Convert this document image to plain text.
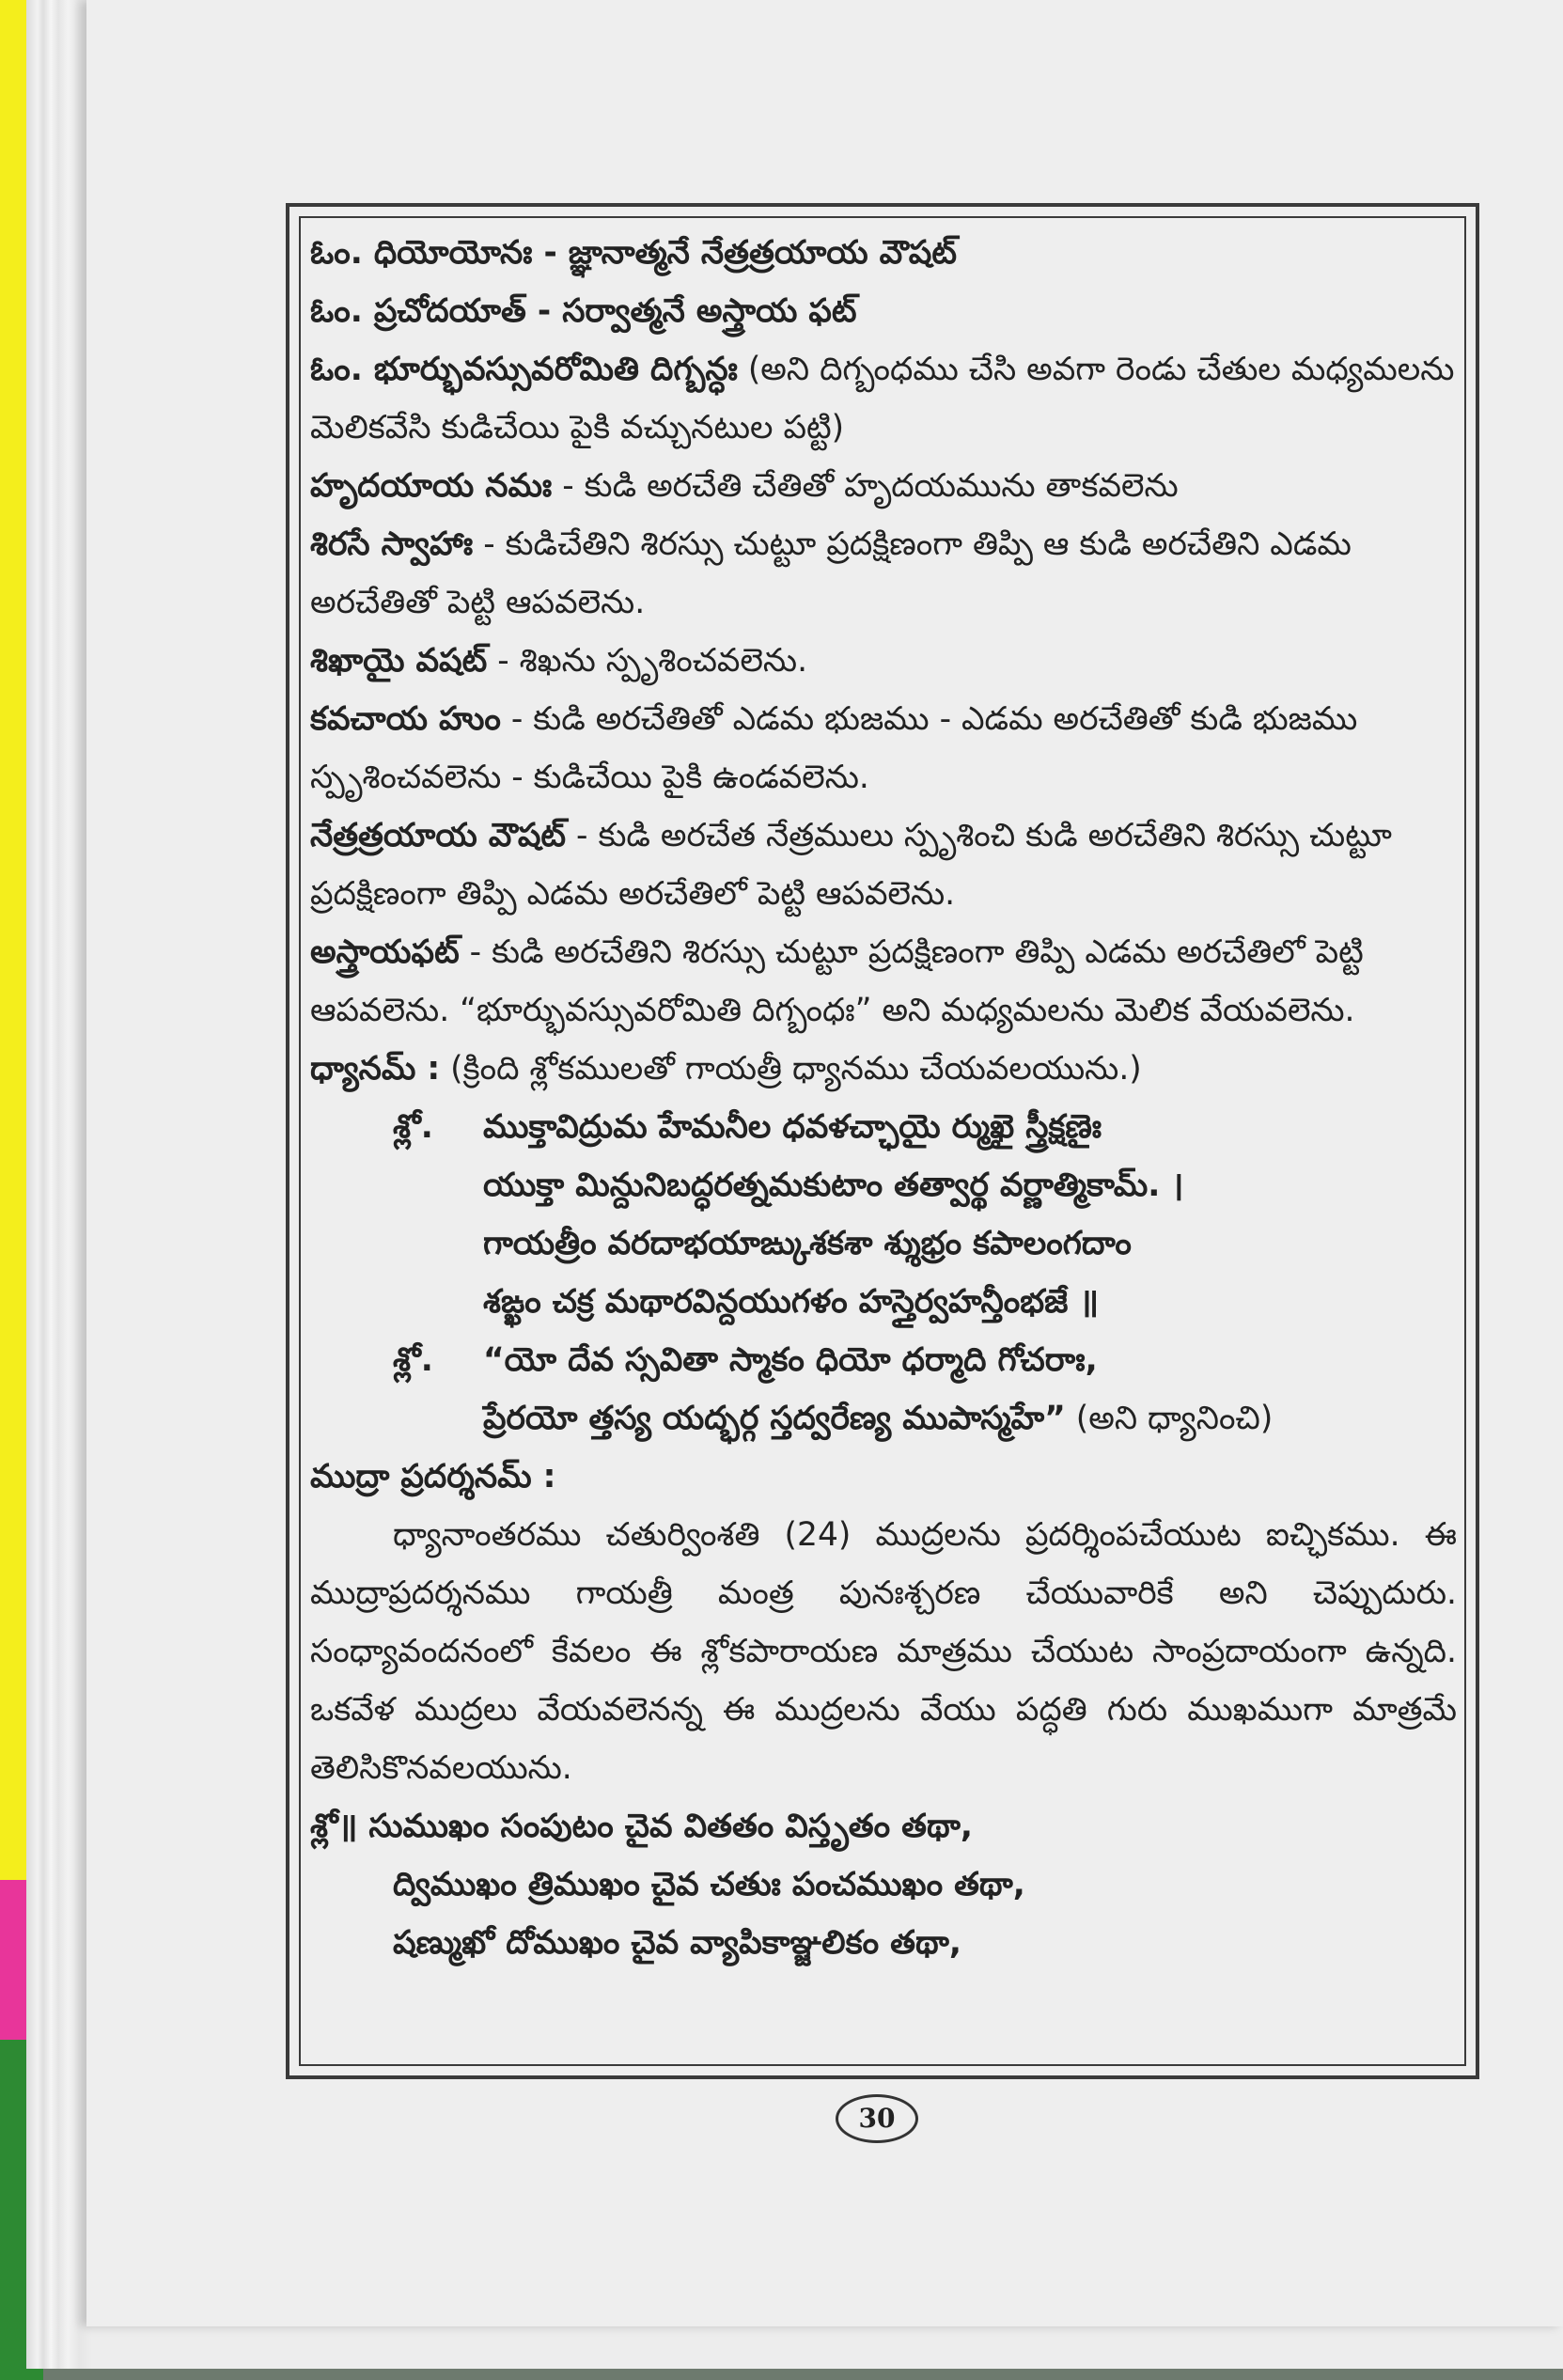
ఓం. ధియోయోనః - జ్ఞానాత్మనే నేత్రత్రయాయ వౌషట్
ఓం. ప్రచోదయాత్ - సర్వాత్మనే అస్త్రాయ ఫట్
ఓం. భూర్భువస్సువరోమితి దిగ్బన్ధః (అని దిగ్బంధము చేసి అవగా రెండు చేతుల మధ్యమలను మెలికవేసి కుడిచేయి పైకి వచ్చునటుల పట్టి)
హృదయాయ నమః - కుడి అరచేతి చేతితో హృదయమును తాకవలెను
శిరసే స్వాహాః - కుడిచేతిని శిరస్సు చుట్టూ ప్రదక్షిణంగా తిప్పి ఆ కుడి అరచేతిని ఎడమ అరచేతితో పెట్టి ఆపవలెను.
శిఖాయై వషట్ - శిఖను స్పృశించవలెను.
కవచాయ హుం - కుడి అరచేతితో ఎడమ భుజము - ఎడమ అరచేతితో కుడి భుజము స్పృశించవలెను - కుడిచేయి పైకి ఉండవలెను.
నేత్రత్రయాయ వౌషట్ - కుడి అరచేత నేత్రములు స్పృశించి కుడి అరచేతిని శిరస్సు చుట్టూ ప్రదక్షిణంగా తిప్పి ఎడమ అరచేతిలో పెట్టి ఆపవలెను.
అస్త్రాయఫట్ - కుడి అరచేతిని శిరస్సు చుట్టూ ప్రదక్షిణంగా తిప్పి ఎడమ అరచేతిలో పెట్టి ఆపవలెను. “భూర్భువస్సువరోమితి దిగ్బంధః” అని మధ్యమలను మెలిక వేయవలెను.
ధ్యానమ్ : (క్రింది శ్లోకములతో గాయత్రీ ధ్యానము చేయవలయును.)
శ్లో. ముక్తావిద్రుమ హేమనీల ధవళచ్ఛాయై ర్ముఖై స్త్రీక్షణైః
యుక్తా మిన్దునిబద్ధరత్నమకుటాం తత్వార్థ వర్ణాత్మికామ్. ।
గాయత్రీం వరదాభయాఙ్కుశకశా శ్శుభ్రం కపాలంగదాం
శఙ్ఖం చక్ర మథారవిన్దయుగళం హస్తైర్వహన్తీంభజే ॥
శ్లో. “యో దేవ స్సవితా స్మాకం ధియో ధర్మాది గోచరాః,
ప్రేరయో త్తస్య యద్భర్గ స్తద్వరేణ్య ముపాస్మహే” (అని ధ్యానించి)
ముద్రా ప్రదర్శనమ్ :
ధ్యానాంతరము చతుర్వింశతి (24) ముద్రలను ప్రదర్శింపచేయుట ఐచ్ఛికము. ఈ ముద్రాప్రదర్శనము గాయత్రీ మంత్ర పునఃశ్చరణ చేయువారికే అని చెప్పుదురు. సంధ్యావందనంలో కేవలం ఈ శ్లోకపారాయణ మాత్రము చేయుట సాంప్రదాయంగా ఉన్నది. ఒకవేళ ముద్రలు వేయవలెనన్న ఈ ముద్రలను వేయు పద్ధతి గురు ముఖముగా మాత్రమే తెలిసికొనవలయును.
శ్లో॥ సుముఖం సంపుటం చైవ వితతం విస్తృతం తథా,
ద్విముఖం త్రిముఖం చైవ చతుః పంచముఖం తథా,
షణ్ముఖో దోముఖం చైవ వ్యాపికాఞ్జలికం తథా,
30
